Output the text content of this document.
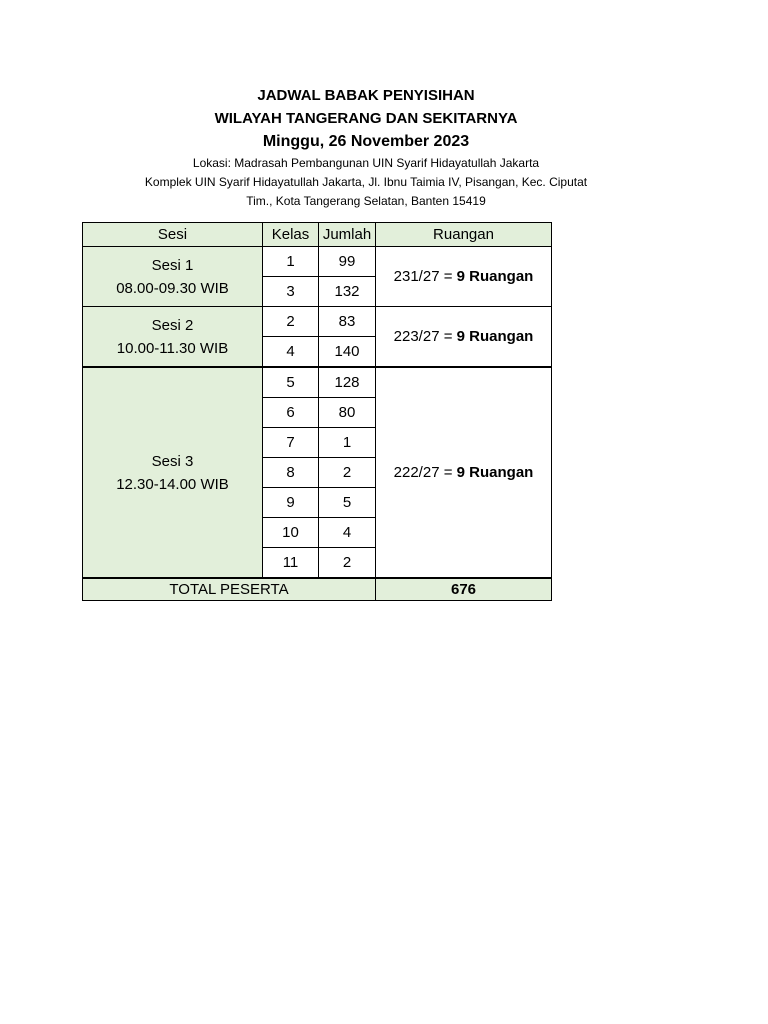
JADWAL BABAK PENYISIHAN
WILAYAH TANGERANG DAN SEKITARNYA
Minggu, 26 November 2023
Lokasi: Madrasah Pembangunan UIN Syarif Hidayatullah Jakarta
Komplek UIN Syarif Hidayatullah Jakarta, Jl. Ibnu Taimia IV, Pisangan, Kec. Ciputat
Tim., Kota Tangerang Selatan, Banten 15419
Sesi	Kelas	Jumlah	Ruangan

Sesi 1
08.00-09.30 WIB	1	99	231/27 = 9 Ruangan
	3	132	

Sesi 2
10.00-11.30 WIB	2	83	223/27 = 9 Ruangan
	4	140	

Sesi 3
12.30-14.00 WIB	5	128	222/27 = 9 Ruangan
	6	80	
	7	1	
	8	2	
	9	5	
	10	4	
	11	2	
TOTAL PESERTA			676
